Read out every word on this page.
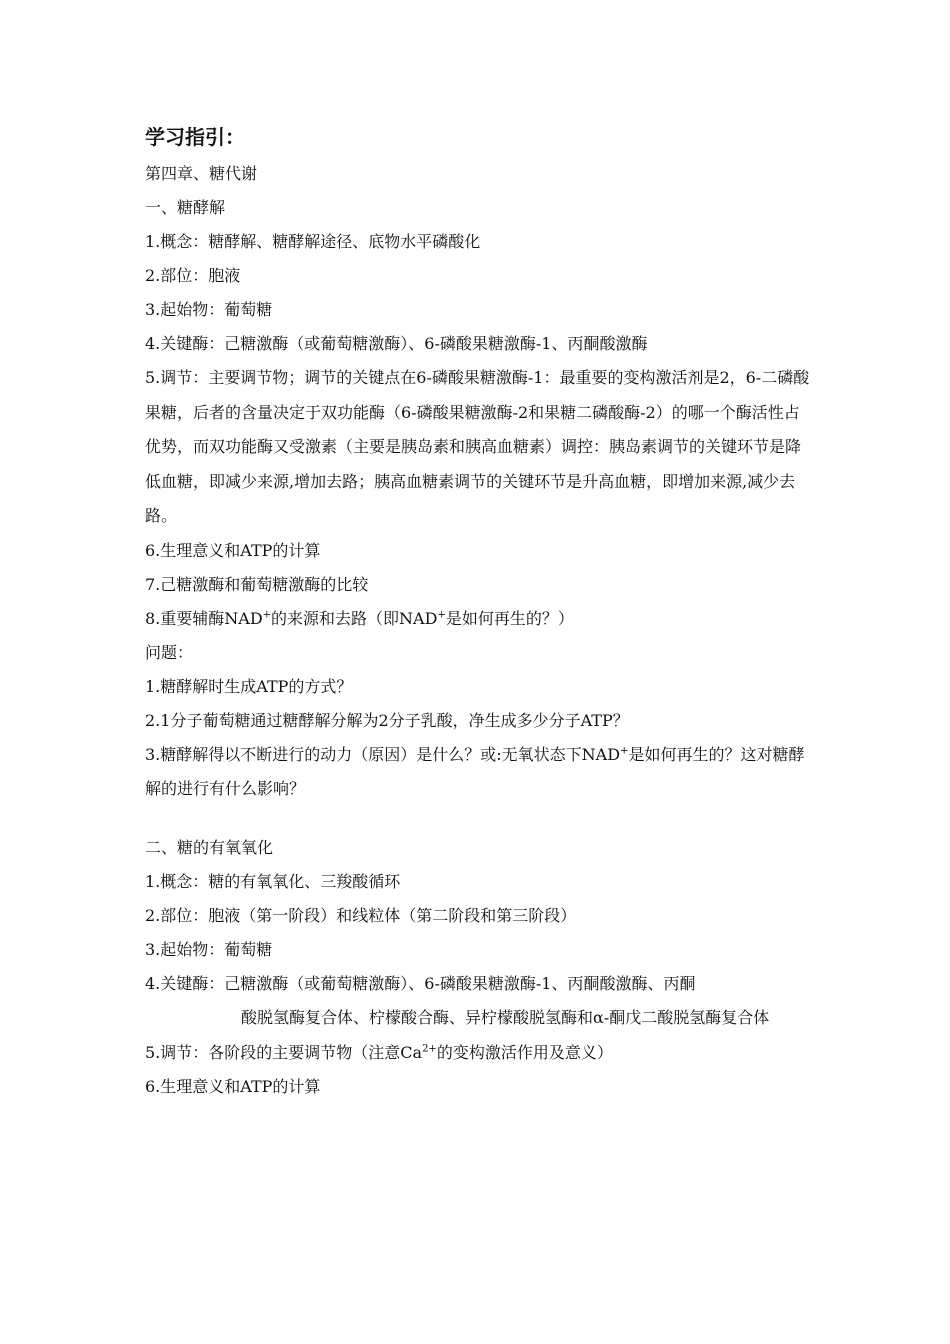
学习指引：
第四章、糖代谢
一、糖酵解
1.概念：糖酵解、糖酵解途径、底物水平磷酸化
2.部位：胞液
3.起始物：葡萄糖
4.关键酶：己糖激酶（或葡萄糖激酶）、6-磷酸果糖激酶-1、丙酮酸激酶
5.调节：主要调节物；调节的关键点在6-磷酸果糖激酶-1：最重要的变构激活剂是2，6-二磷酸果糖，后者的含量决定于双功能酶（6-磷酸果糖激酶-2和果糖二磷酸酶-2）的哪一个酶活性占优势，而双功能酶又受激素（主要是胰岛素和胰高血糖素）调控：胰岛素调节的关键环节是降低血糖，即减少来源,增加去路；胰高血糖素调节的关键环节是升高血糖，即增加来源,减少去路。
6.生理意义和ATP的计算
7.己糖激酶和葡萄糖激酶的比较
8.重要辅酶NAD+的来源和去路（即NAD+是如何再生的？）
问题：
1.糖酵解时生成ATP的方式？
2.1分子葡萄糖通过糖酵解分解为2分子乳酸，净生成多少分子ATP？
3.糖酵解得以不断进行的动力（原因）是什么？或:无氧状态下NAD+是如何再生的？这对糖酵解的进行有什么影响？
二、糖的有氧氧化
1.概念：糖的有氧氧化、三羧酸循环
2.部位：胞液（第一阶段）和线粒体（第二阶段和第三阶段）
3.起始物：葡萄糖
4.关键酶：己糖激酶（或葡萄糖激酶）、6-磷酸果糖激酶-1、丙酮酸激酶、丙酮
酸脱氢酶复合体、柠檬酸合酶、异柠檬酸脱氢酶和α-酮戊二酸脱氢酶复合体
5.调节：各阶段的主要调节物（注意$Ca^{2+}$的变构激活作用及意义）
6.生理意义和ATP的计算
